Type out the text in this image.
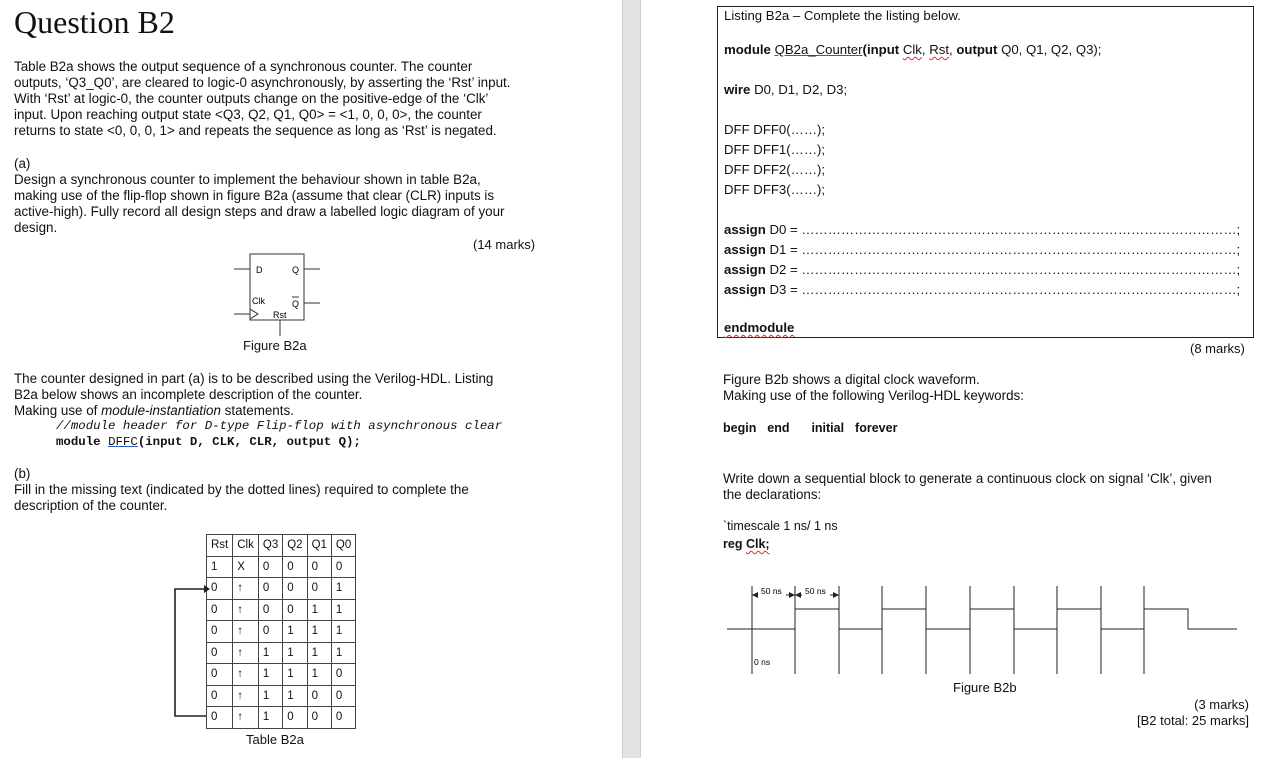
Question B2
Table B2a shows the output sequence of a synchronous counter. The counter
outputs, ‘Q3_Q0’, are cleared to logic-0 asynchronously, by asserting the ‘Rst’ input.
With ‘Rst’ at logic-0, the counter outputs change on the positive-edge of the ‘Clk’
input. Upon reaching output state <Q3, Q2, Q1, Q0> = <1, 0, 0, 0>, the counter
returns to state <0, 0, 0, 1> and repeats the sequence as long as ‘Rst’ is negated.
(a)
Design a synchronous counter to implement the behaviour shown in table B2a,
making use of the flip-flop shown in figure B2a (assume that clear (CLR) inputs is
active-high). Fully record all design steps and draw a labelled logic diagram of your
design.
(14 marks)
D	Q
Clk	Q
Rst
Figure B2a
The counter designed in part (a) is to be described using the Verilog-HDL. Listing
B2a below shows an incomplete description of the counter.
Making use of module-instantiation statements.
//module header for D-type Flip-flop with asynchronous clear
module DFFC(input D, CLK, CLR, output Q);
(b)
Fill in the missing text (indicated by the dotted lines) required to complete the
description of the counter.
Rst	Clk	Q3	Q2	Q1	Q0
1	X	0	0	0	0
0	↑	0	0	0	1
0	↑	0	0	1	1
0	↑	0	1	1	1
0	↑	1	1	1	1
0	↑	1	1	1	0
0	↑	1	1	0	0
0	↑	1	0	0	0
Table B2a
Listing B2a – Complete the listing below.
module QB2a_Counter(input Clk, Rst, output Q0, Q1, Q2, Q3);
wire D0, D1, D2, D3;
DFF DFF0(……);
DFF DFF1(……);
DFF DFF2(……);
DFF DFF3(……);
assign D0 = ………………………………………………………………………………………;
assign D1 = ………………………………………………………………………………………;
assign D2 = ………………………………………………………………………………………;
assign D3 = ………………………………………………………………………………………;
endmodule
(8 marks)
Figure B2b shows a digital clock waveform.
Making use of the following Verilog-HDL keywords:
begin end initial forever
Write down a sequential block to generate a continuous clock on signal ‘Clk’, given
the declarations:
`timescale 1 ns/ 1 ns
reg Clk;
50 ns	50 ns
0 ns
Figure B2b
(3 marks)
[B2 total: 25 marks]
